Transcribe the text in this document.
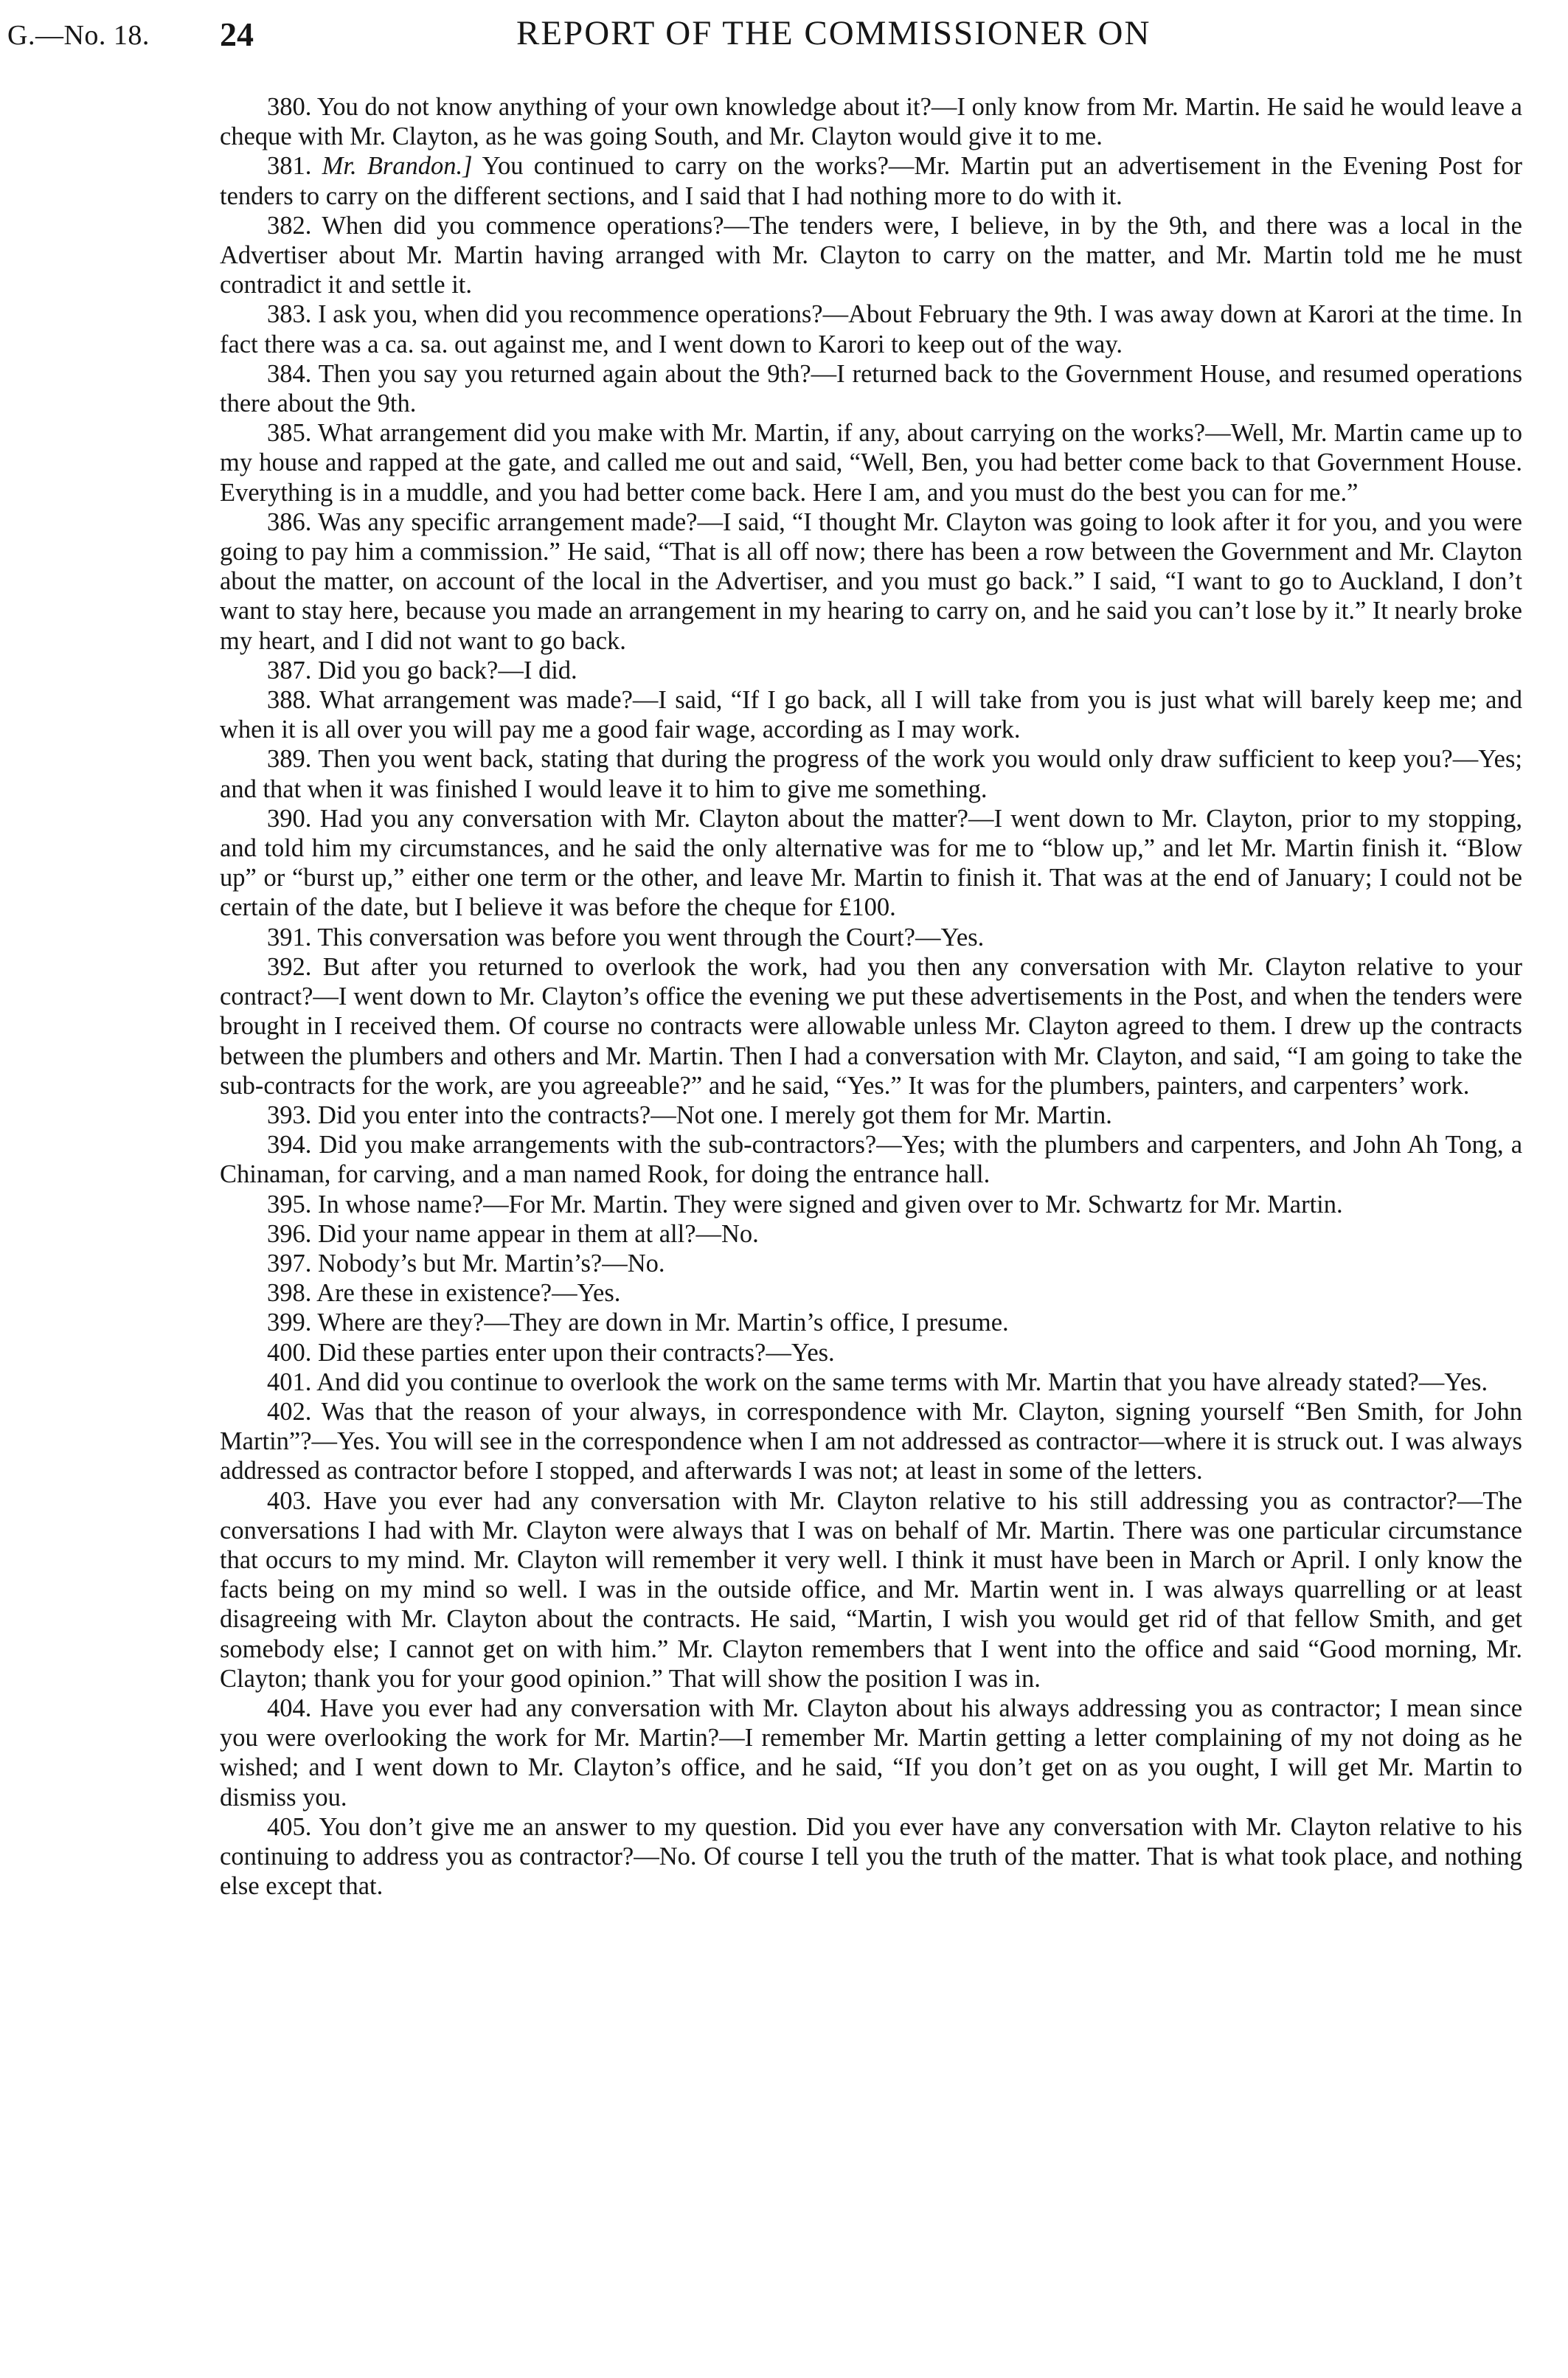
G.—No. 18. 24	REPORT OF THE COMMISSIONER ON

380. You do not know anything of your own knowledge about it?—I only know from Mr. Martin. He said he would leave a cheque with Mr. Clayton, as he was going South, and Mr. Clayton would give it to me.

381. Mr. Brandon.] You continued to carry on the works?—Mr. Martin put an advertisement in the Evening Post for tenders to carry on the different sections, and I said that I had nothing more to do with it.

382. When did you commence operations?—The tenders were, I believe, in by the 9th, and there was a local in the Advertiser about Mr. Martin having arranged with Mr. Clayton to carry on the matter, and Mr. Martin told me he must contradict it and settle it.

383. I ask you, when did you recommence operations?—About February the 9th. I was away down at Karori at the time. In fact there was a ca. sa. out against me, and I went down to Karori to keep out of the way.

384. Then you say you returned again about the 9th?—I returned back to the Government House, and resumed operations there about the 9th.

385. What arrangement did you make with Mr. Martin, if any, about carrying on the works?—Well, Mr. Martin came up to my house and rapped at the gate, and called me out and said, “Well, Ben, you had better come back to that Government House. Everything is in a muddle, and you had better come back. Here I am, and you must do the best you can for me.”

386. Was any specific arrangement made?—I said, “I thought Mr. Clayton was going to look after it for you, and you were going to pay him a commission.” He said, “That is all off now; there has been a row between the Government and Mr. Clayton about the matter, on account of the local in the Advertiser, and you must go back.” I said, “I want to go to Auckland, I don’t want to stay here, because you made an arrangement in my hearing to carry on, and he said you can’t lose by it.” It nearly broke my heart, and I did not want to go back.

387. Did you go back?—I did.

388. What arrangement was made?—I said, “If I go back, all I will take from you is just what will barely keep me; and when it is all over you will pay me a good fair wage, according as I may work.

389. Then you went back, stating that during the progress of the work you would only draw sufficient to keep you?—Yes; and that when it was finished I would leave it to him to give me something.

390. Had you any conversation with Mr. Clayton about the matter?—I went down to Mr. Clayton, prior to my stopping, and told him my circumstances, and he said the only alternative was for me to “blow up,” and let Mr. Martin finish it. “Blow up” or “burst up,” either one term or the other, and leave Mr. Martin to finish it. That was at the end of January; I could not be certain of the date, but I believe it was before the cheque for £100.

391. This conversation was before you went through the Court?—Yes.

392. But after you returned to overlook the work, had you then any conversation with Mr. Clayton relative to your contract?—I went down to Mr. Clayton’s office the evening we put these advertisements in the Post, and when the tenders were brought in I received them. Of course no contracts were allowable unless Mr. Clayton agreed to them. I drew up the contracts between the plumbers and others and Mr. Martin. Then I had a conversation with Mr. Clayton, and said, “I am going to take the sub-contracts for the work, are you agreeable?” and he said, “Yes.” It was for the plumbers, painters, and carpenters’ work.

393. Did you enter into the contracts?—Not one. I merely got them for Mr. Martin.

394. Did you make arrangements with the sub-contractors?—Yes; with the plumbers and carpenters, and John Ah Tong, a Chinaman, for carving, and a man named Rook, for doing the entrance hall.

395. In whose name?—For Mr. Martin. They were signed and given over to Mr. Schwartz for Mr. Martin.

396. Did your name appear in them at all?—No.

397. Nobody’s but Mr. Martin’s?—No.

398. Are these in existence?—Yes.

399. Where are they?—They are down in Mr. Martin’s office, I presume.

400. Did these parties enter upon their contracts?—Yes.

401. And did you continue to overlook the work on the same terms with Mr. Martin that you have already stated?—Yes.

402. Was that the reason of your always, in correspondence with Mr. Clayton, signing yourself “Ben Smith, for John Martin”?—Yes. You will see in the correspondence when I am not addressed as contractor—where it is struck out. I was always addressed as contractor before I stopped, and afterwards I was not; at least in some of the letters.

403. Have you ever had any conversation with Mr. Clayton relative to his still addressing you as contractor?—The conversations I had with Mr. Clayton were always that I was on behalf of Mr. Martin. There was one particular circumstance that occurs to my mind. Mr. Clayton will remember it very well. I think it must have been in March or April. I only know the facts being on my mind so well. I was in the outside office, and Mr. Martin went in. I was always quarrelling or at least disagreeing with Mr. Clayton about the contracts. He said, “Martin, I wish you would get rid of that fellow Smith, and get somebody else; I cannot get on with him.” Mr. Clayton remembers that I went into the office and said “Good morning, Mr. Clayton; thank you for your good opinion.” That will show the position I was in.

404. Have you ever had any conversation with Mr. Clayton about his always addressing you as contractor; I mean since you were overlooking the work for Mr. Martin?—I remember Mr. Martin getting a letter complaining of my not doing as he wished; and I went down to Mr. Clayton’s office, and he said, “If you don’t get on as you ought, I will get Mr. Martin to dismiss you.

405. You don’t give me an answer to my question. Did you ever have any conversation with Mr. Clayton relative to his continuing to address you as contractor?—No. Of course I tell you the truth of the matter. That is what took place, and nothing else except that.
